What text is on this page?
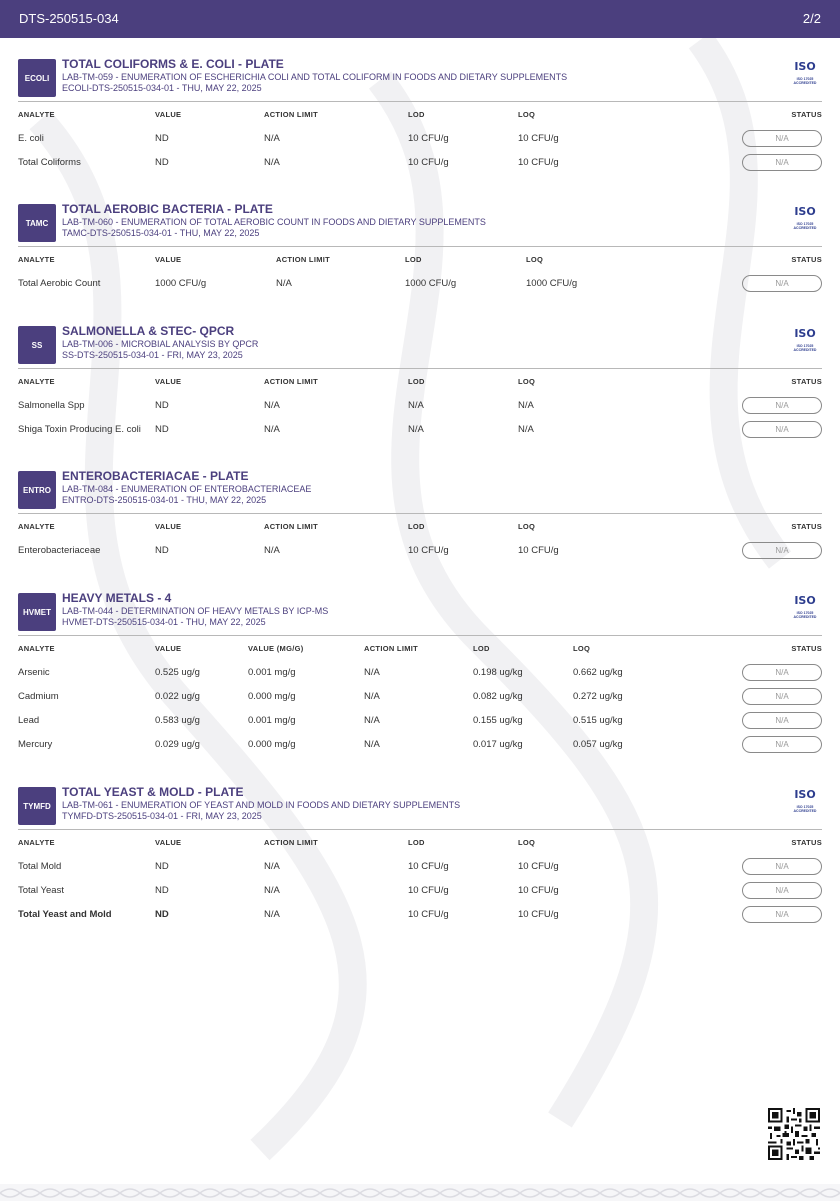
DTS-250515-034	2/2
ECOLI
TOTAL COLIFORMS & E. COLI - PLATE
LAB-TM-059 - ENUMERATION OF ESCHERICHIA COLI AND TOTAL COLIFORM IN FOODS AND DIETARY SUPPLEMENTS
ECOLI-DTS-250515-034-01 - THU, MAY 22, 2025
ISO
ISO 17025 ACCREDITED
ANALYTE	VALUE	ACTION LIMIT	LOD	LOQ	STATUS
E. coli	ND	N/A	10 CFU/g	10 CFU/g	N/A
Total Coliforms	ND	N/A	10 CFU/g	10 CFU/g	N/A
TAMC
TOTAL AEROBIC BACTERIA - PLATE
LAB-TM-060 - ENUMERATION OF TOTAL AEROBIC COUNT IN FOODS AND DIETARY SUPPLEMENTS
TAMC-DTS-250515-034-01 - THU, MAY 22, 2025
ISO
ISO 17025 ACCREDITED
ANALYTE	VALUE	ACTION LIMIT	LOD	LOQ	STATUS
Total Aerobic Count	1000 CFU/g	N/A	1000 CFU/g	1000 CFU/g	N/A
SS
SALMONELLA & STEC- QPCR
LAB-TM-006 - MICROBIAL ANALYSIS BY QPCR
SS-DTS-250515-034-01 - FRI, MAY 23, 2025
ISO
ISO 17025 ACCREDITED
ANALYTE	VALUE	ACTION LIMIT	LOD	LOQ	STATUS
Salmonella Spp	ND	N/A	N/A	N/A	N/A
Shiga Toxin Producing E. coli	ND	N/A	N/A	N/A	N/A
ENTRO
ENTEROBACTERIACAE - PLATE
LAB-TM-084 - ENUMERATION OF ENTEROBACTERIACEAE
ENTRO-DTS-250515-034-01 - THU, MAY 22, 2025
ANALYTE	VALUE	ACTION LIMIT	LOD	LOQ	STATUS
Enterobacteriaceae	ND	N/A	10 CFU/g	10 CFU/g	N/A
HVMET
HEAVY METALS - 4
LAB-TM-044 - DETERMINATION OF HEAVY METALS BY ICP-MS
HVMET-DTS-250515-034-01 - THU, MAY 22, 2025
ISO
ISO 17025 ACCREDITED
ANALYTE	VALUE	VALUE (MG/G)	ACTION LIMIT	LOD	LOQ	STATUS
Arsenic	0.525 ug/g	0.001 mg/g	N/A	0.198 ug/kg	0.662 ug/kg	N/A
Cadmium	0.022 ug/g	0.000 mg/g	N/A	0.082 ug/kg	0.272 ug/kg	N/A
Lead	0.583 ug/g	0.001 mg/g	N/A	0.155 ug/kg	0.515 ug/kg	N/A
Mercury	0.029 ug/g	0.000 mg/g	N/A	0.017 ug/kg	0.057 ug/kg	N/A
TYMFD
TOTAL YEAST & MOLD - PLATE
LAB-TM-061 - ENUMERATION OF YEAST AND MOLD IN FOODS AND DIETARY SUPPLEMENTS
TYMFD-DTS-250515-034-01 - FRI, MAY 23, 2025
ISO
ISO 17025 ACCREDITED
ANALYTE	VALUE	ACTION LIMIT	LOD	LOQ	STATUS
Total Mold	ND	N/A	10 CFU/g	10 CFU/g	N/A
Total Yeast	ND	N/A	10 CFU/g	10 CFU/g	N/A
Total Yeast and Mold	ND	N/A	10 CFU/g	10 CFU/g	N/A
